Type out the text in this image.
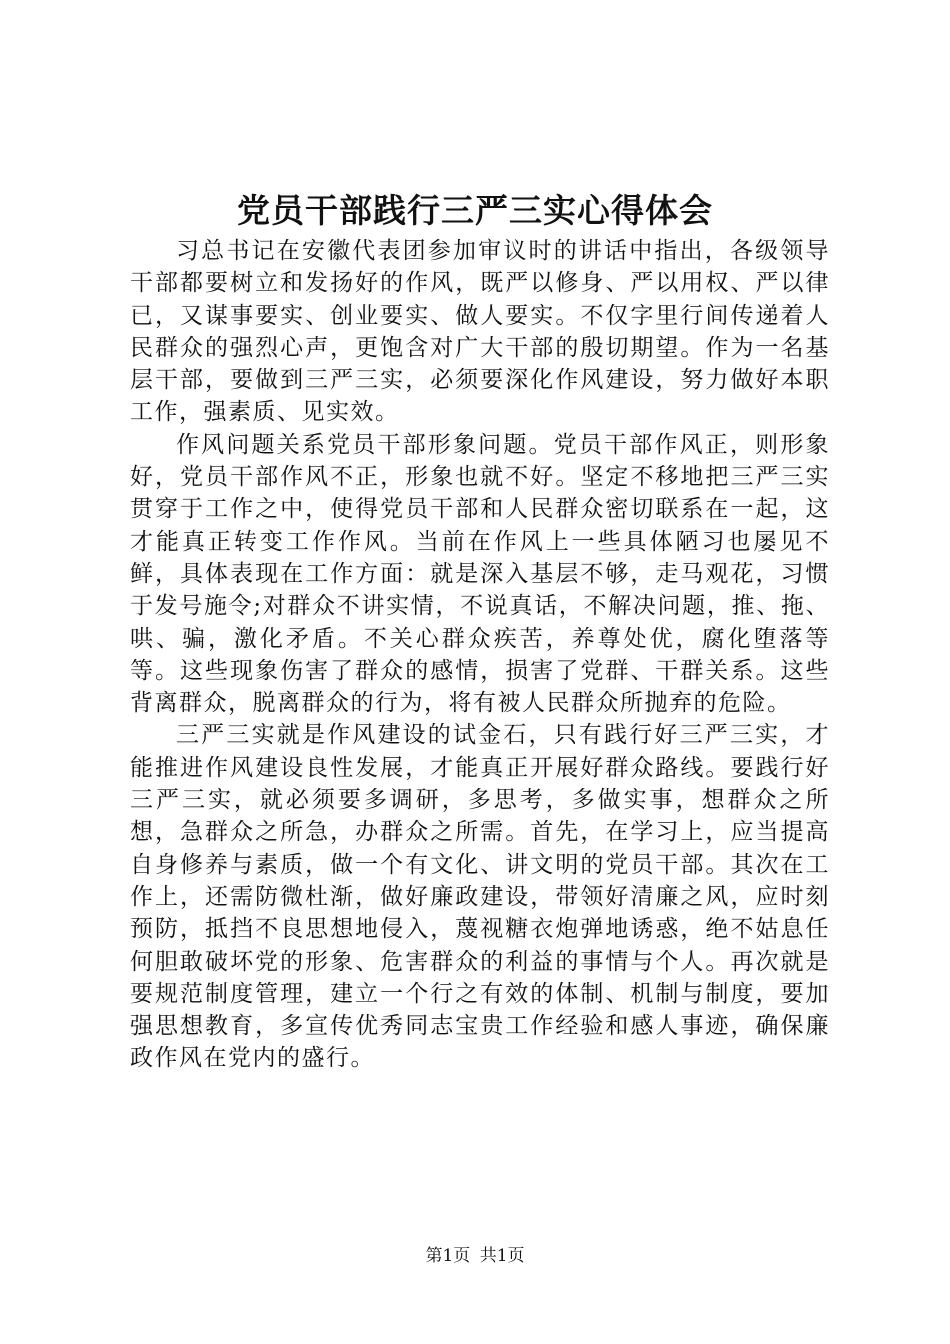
党员干部践行三严三实心得体会

习总书记在安徽代表团参加审议时的讲话中指出，各级领导干部都要树立和发扬好的作风，既严以修身、严以用权、严以律已，又谋事要实、创业要实、做人要实。不仅字里行间传递着人民群众的强烈心声，更饱含对广大干部的殷切期望。作为一名基层干部，要做到三严三实，必须要深化作风建设，努力做好本职工作，强素质、见实效。

作风问题关系党员干部形象问题。党员干部作风正，则形象好，党员干部作风不正，形象也就不好。坚定不移地把三严三实贯穿于工作之中，使得党员干部和人民群众密切联系在一起，这才能真正转变工作作风。当前在作风上一些具体陋习也屡见不鲜，具体表现在工作方面：就是深入基层不够，走马观花，习惯于发号施令;对群众不讲实情，不说真话，不解决问题，推、拖、哄、骗，激化矛盾。不关心群众疾苦，养尊处优，腐化堕落等等。这些现象伤害了群众的感情，损害了党群、干群关系。这些背离群众，脱离群众的行为，将有被人民群众所抛弃的危险。

三严三实就是作风建设的试金石，只有践行好三严三实，才能推进作风建设良性发展，才能真正开展好群众路线。要践行好三严三实，就必须要多调研，多思考，多做实事，想群众之所想，急群众之所急，办群众之所需。首先，在学习上，应当提高自身修养与素质，做一个有文化、讲文明的党员干部。其次在工作上，还需防微杜渐，做好廉政建设，带领好清廉之风，应时刻预防，抵挡不良思想地侵入，蔑视糖衣炮弹地诱惑，绝不姑息任何胆敢破坏党的形象、危害群众的利益的事情与个人。再次就是要规范制度管理，建立一个行之有效的体制、机制与制度，要加强思想教育，多宣传优秀同志宝贵工作经验和感人事迹，确保廉政作风在党内的盛行。

第1页 共1页
